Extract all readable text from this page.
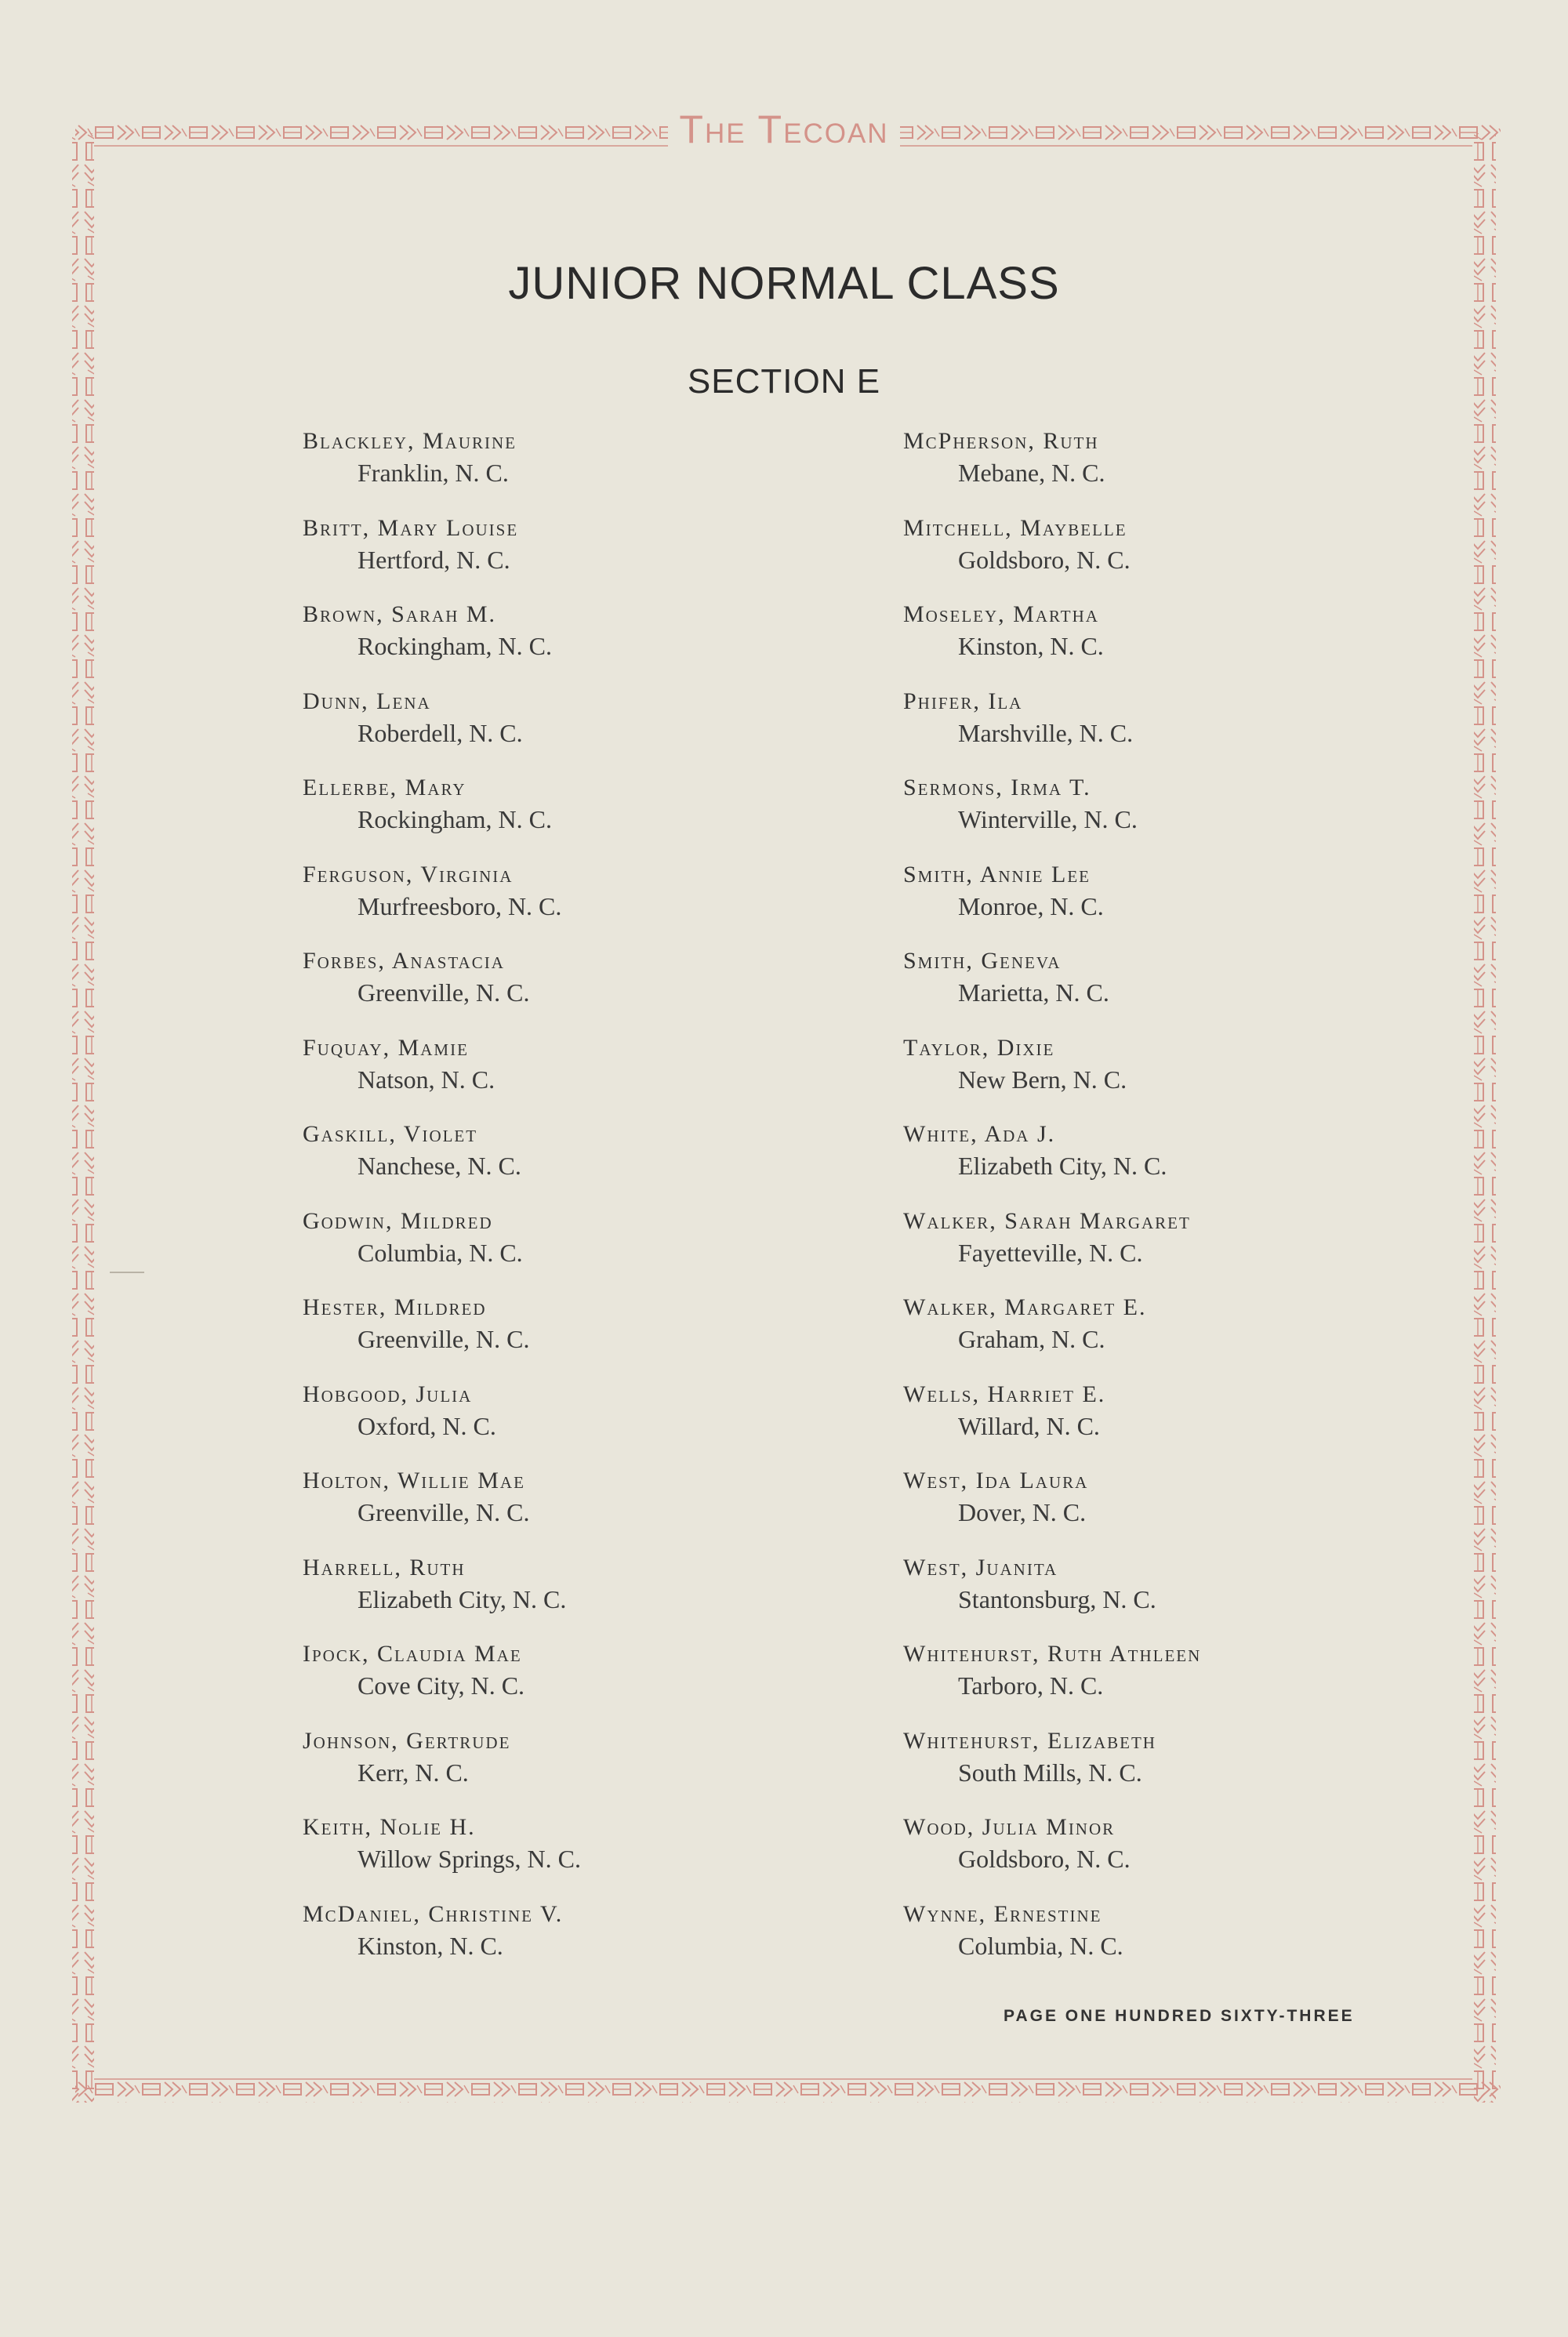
The Tecoan
JUNIOR NORMAL CLASS
SECTION E
Blackley, Maurine
Franklin, N. C.
Britt, Mary Louise
Hertford, N. C.
Brown, Sarah M.
Rockingham, N. C.
Dunn, Lena
Roberdell, N. C.
Ellerbe, Mary
Rockingham, N. C.
Ferguson, Virginia
Murfreesboro, N. C.
Forbes, Anastacia
Greenville, N. C.
Fuquay, Mamie
Natson, N. C.
Gaskill, Violet
Nanchese, N. C.
Godwin, Mildred
Columbia, N. C.
Hester, Mildred
Greenville, N. C.
Hobgood, Julia
Oxford, N. C.
Holton, Willie Mae
Greenville, N. C.
Harrell, Ruth
Elizabeth City, N. C.
Ipock, Claudia Mae
Cove City, N. C.
Johnson, Gertrude
Kerr, N. C.
Keith, Nolie H.
Willow Springs, N. C.
McDaniel, Christine V.
Kinston, N. C.
McPherson, Ruth
Mebane, N. C.
Mitchell, Maybelle
Goldsboro, N. C.
Moseley, Martha
Kinston, N. C.
Phifer, Ila
Marshville, N. C.
Sermons, Irma T.
Winterville, N. C.
Smith, Annie Lee
Monroe, N. C.
Smith, Geneva
Marietta, N. C.
Taylor, Dixie
New Bern, N. C.
White, Ada J.
Elizabeth City, N. C.
Walker, Sarah Margaret
Fayetteville, N. C.
Walker, Margaret E.
Graham, N. C.
Wells, Harriet E.
Willard, N. C.
West, Ida Laura
Dover, N. C.
West, Juanita
Stantonsburg, N. C.
Whitehurst, Ruth Athleen
Tarboro, N. C.
Whitehurst, Elizabeth
South Mills, N. C.
Wood, Julia Minor
Goldsboro, N. C.
Wynne, Ernestine
Columbia, N. C.
PAGE ONE HUNDRED SIXTY-THREE
